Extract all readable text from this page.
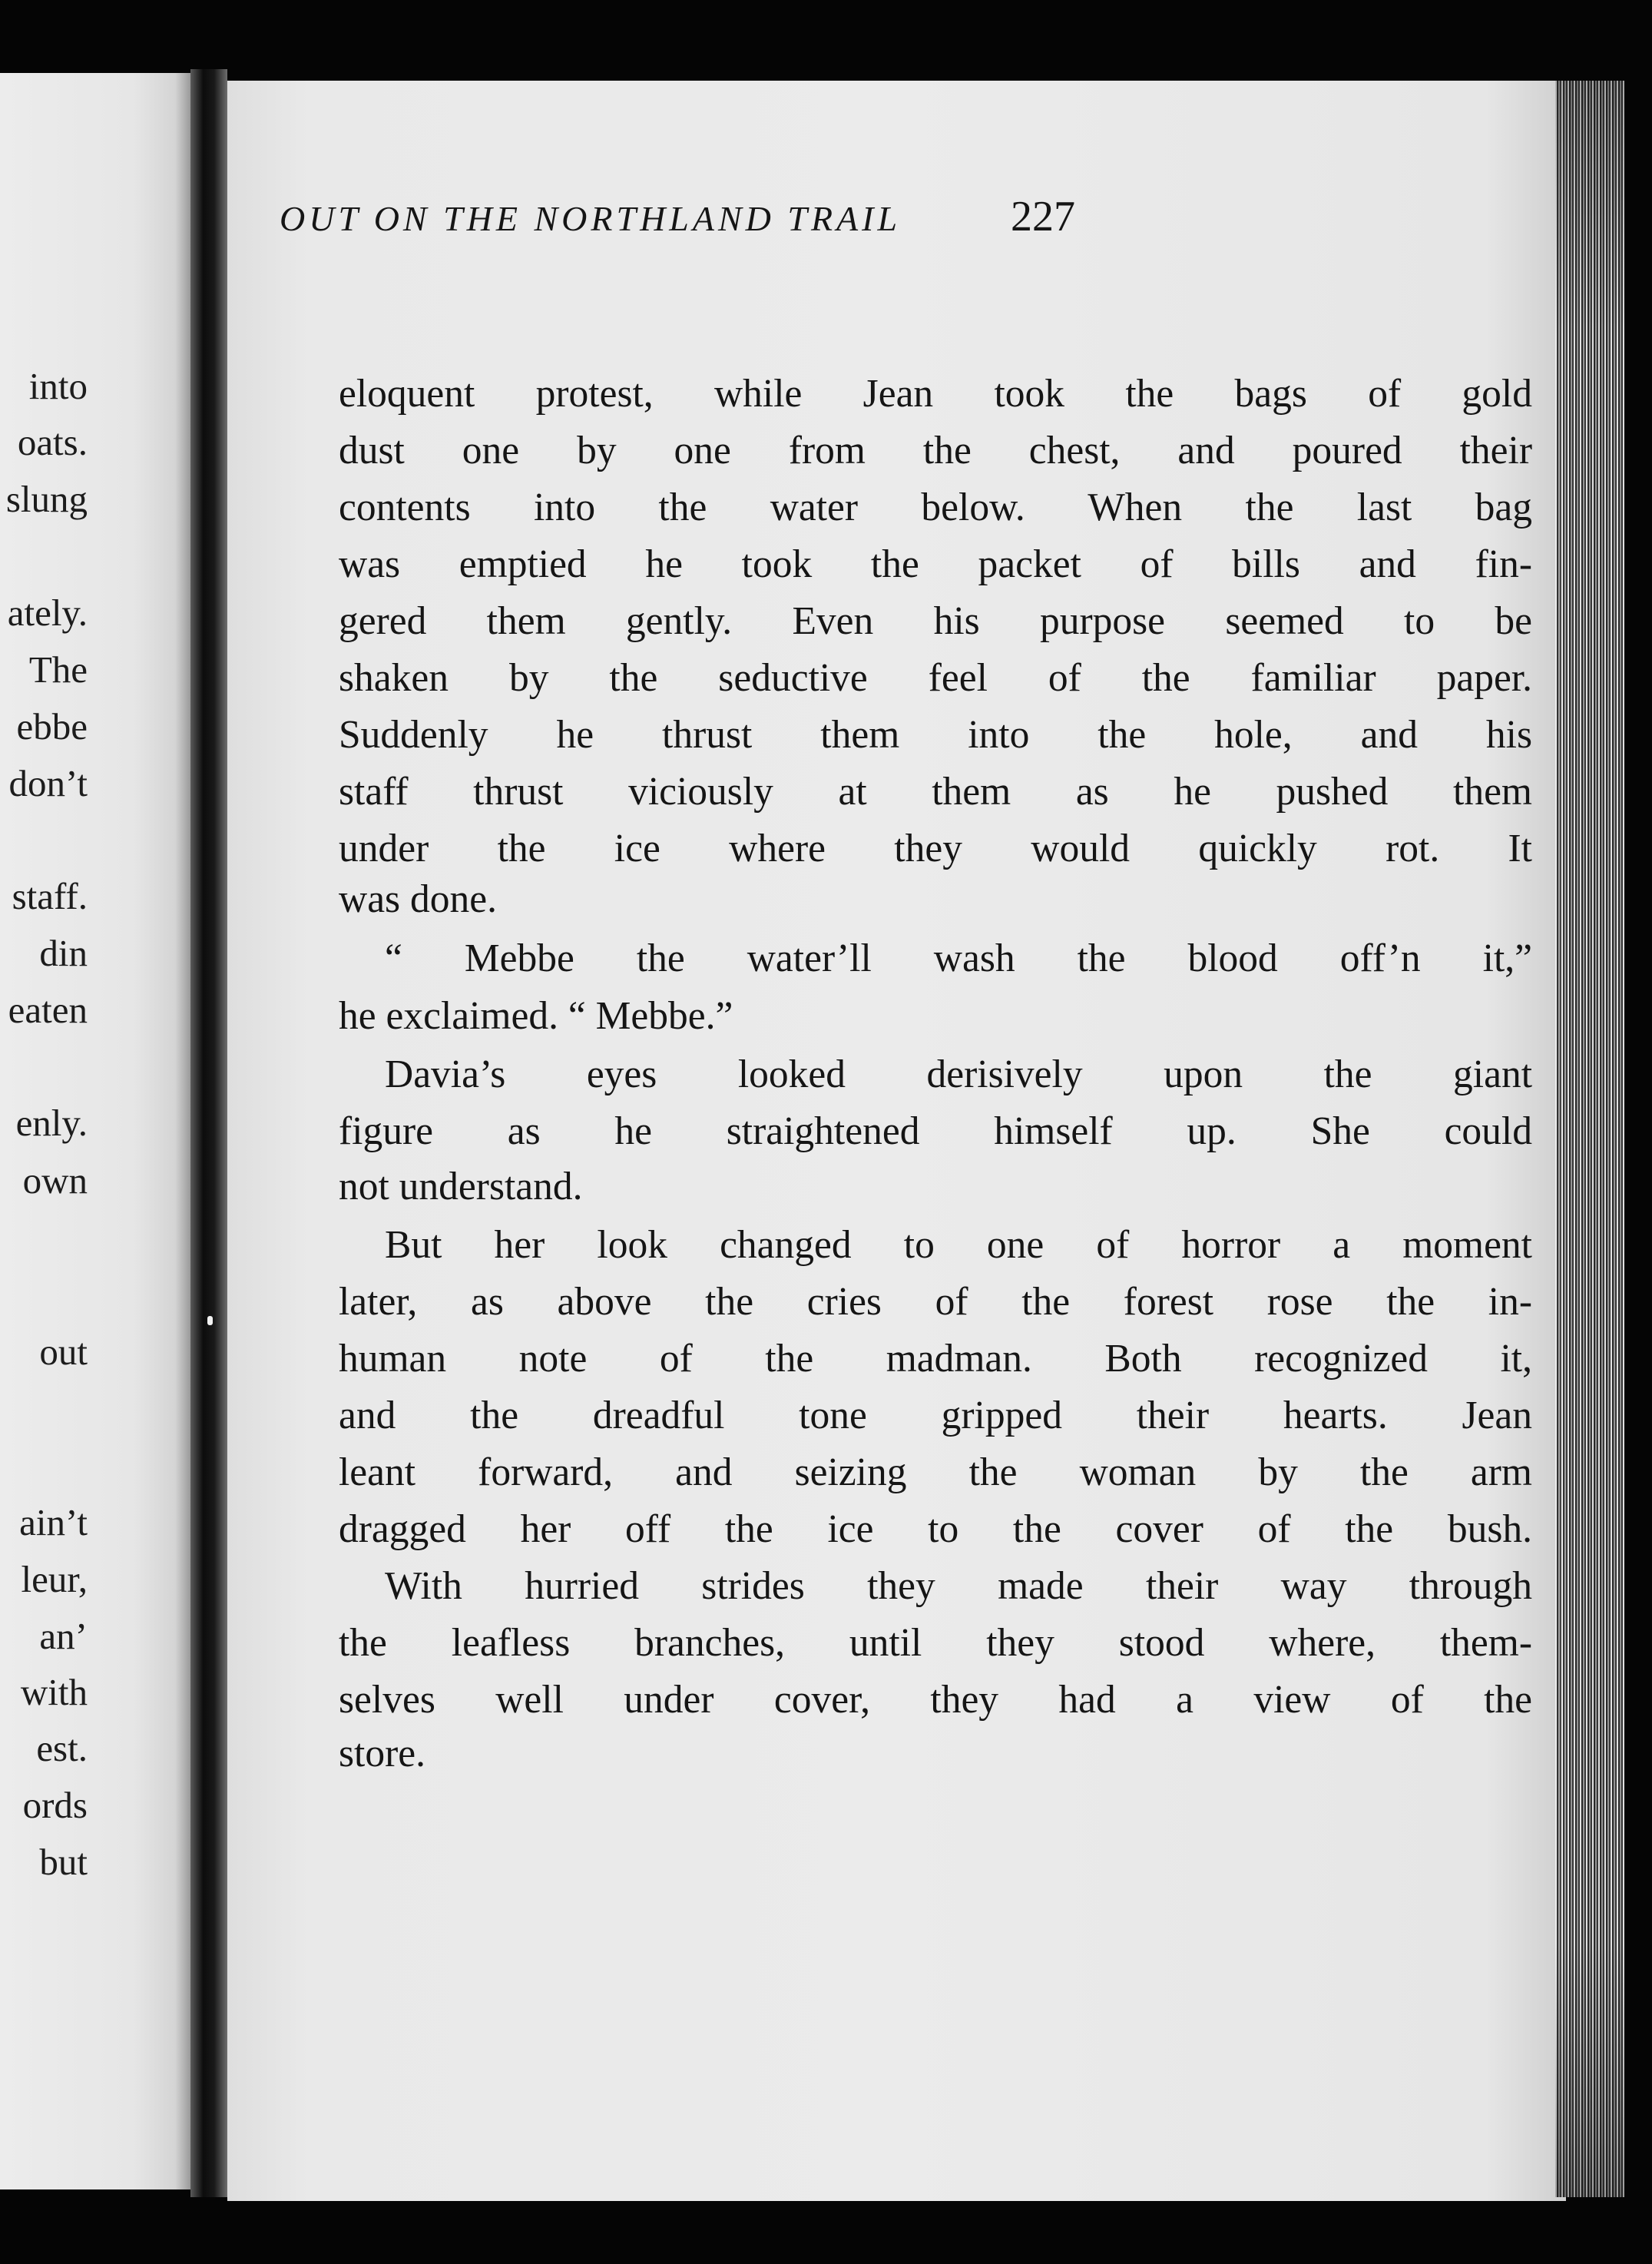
into
oats.
slung
ately.
The
ebbe
don’t
staff.
din
eaten
enly.
own
out
ain’t
leur,
an’
with
est.
ords
but
eloquent protest, while Jean took the bags of gold
dust one by one from the chest, and poured their
contents into the water below. When the last bag
was emptied he took the packet of bills and fin-
gered them gently. Even his purpose seemed to be
shaken by the seductive feel of the familiar paper.
Suddenly he thrust them into the hole, and his
staff thrust viciously at them as he pushed them
under the ice where they would quickly rot. It
was done.
“ Mebbe the water’ll wash the blood off’n it,”
he exclaimed. “ Mebbe.”
Davia’s eyes looked derisively upon the giant
figure as he straightened himself up. She could
not understand.
But her look changed to one of horror a moment
later, as above the cries of the forest rose the in-
human note of the madman. Both recognized it,
and the dreadful tone gripped their hearts. Jean
leant forward, and seizing the woman by the arm
dragged her off the ice to the cover of the bush.
With hurried strides they made their way through
the leafless branches, until they stood where, them-
selves well under cover, they had a view of the
store.
OUT ON THE NORTHLAND TRAIL	227
